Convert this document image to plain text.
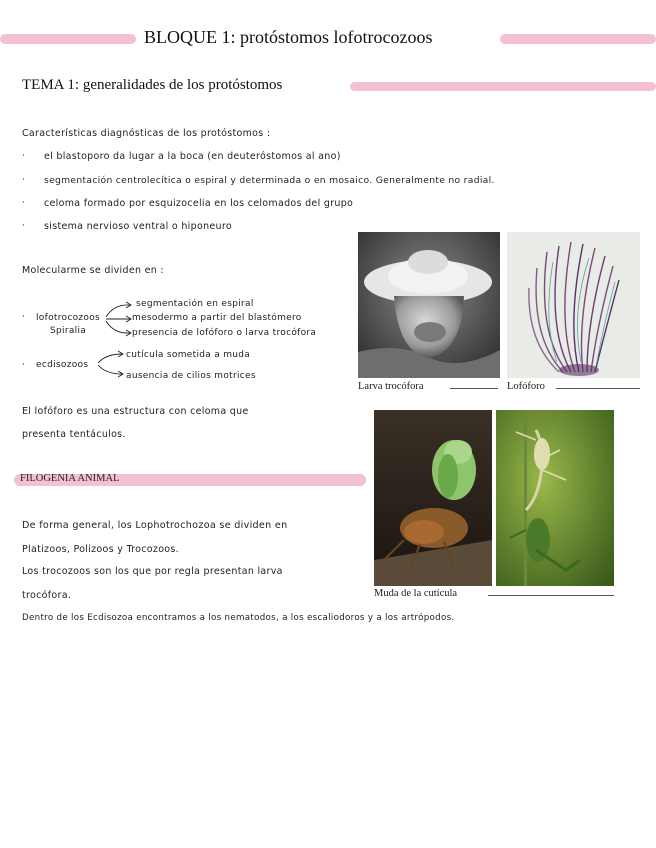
BLOQUE 1: protóstomos lofotrocozoos
TEMA 1: generalidades de los protóstomos
Características diagnósticas de los protóstomos :
· el blastoporo da lugar a la boca (en deuteróstomos al ano)
· segmentación centrolecítica o espiral y determinada o en mosaico. Generalmente no radial.
· celoma formado por esquizocelia en los celomados del grupo
· sistema nervioso ventral o hiponeuro
Molecularme se dividen en :
· lofotrocozoos
Spiralia
segmentación en espiral
mesodermo a partir del blastómero
presencia de lofóforo o larva trocófora
· ecdisozoos
cutícula sometida a muda
ausencia de cilios motrices
El lofóforo es una estructura con celoma que
presenta tentáculos.
Larva trocófora	Lofóforo
Muda de la cutícula
FILOGENIA ANIMAL
De forma general, los Lophotrochozoa se dividen en
Platizoos, Polizoos y Trocozoos.
Los trocozoos son los que por regla presentan larva
trocófora.
Dentro de los Ecdisozoa encontramos a los nematodos, a los escaliodoros y a los artrópodos.
